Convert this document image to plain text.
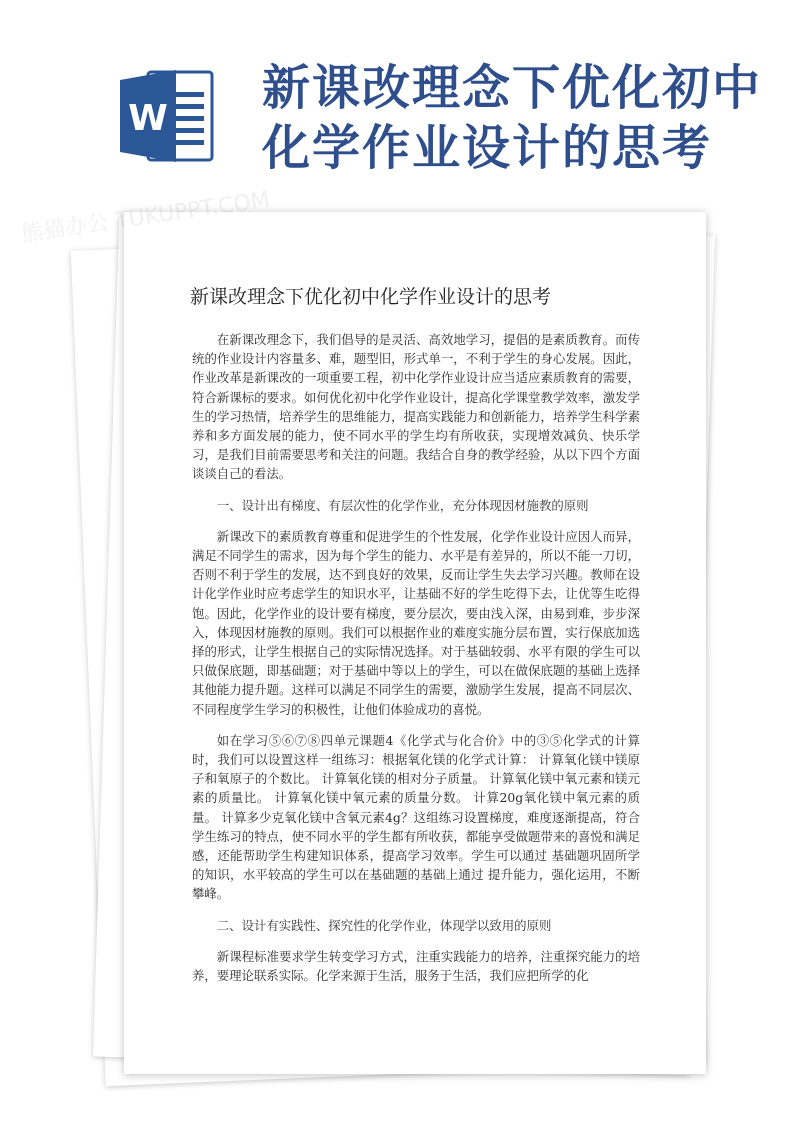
W
新课改理念下优化初中
化学作业设计的思考
新课改理念下优化初中化学作业设计的思考

在新课改理念下，我们倡导的是灵活、高效地学习，提倡的是素质教育。而传统的作业设计内容量多、难，题型旧，形式单一，不利于学生的身心发展。因此，作业改革是新课改的一项重要工程，初中化学作业设计应当适应素质教育的需要，符合新课标的要求。如何优化初中化学作业设计，提高化学课堂教学效率，激发学生的学习热情，培养学生的思维能力，提高实践能力和创新能力，培养学生科学素养和多方面发展的能力，使不同水平的学生均有所收获，实现增效减负、快乐学习，是我们目前需要思考和关注的问题。我结合自身的教学经验，从以下四个方面谈谈自己的看法。

一、设计出有梯度、有层次性的化学作业，充分体现因材施教的原则

新课改下的素质教育尊重和促进学生的个性发展，化学作业设计应因人而异，满足不同学生的需求，因为每个学生的能力、水平是有差异的，所以不能一刀切，否则不利于学生的发展，达不到良好的效果，反而让学生失去学习兴趣。教师在设计化学作业时应考虑学生的知识水平，让基础不好的学生吃得下去，让优等生吃得饱。因此，化学作业的设计要有梯度，要分层次，要由浅入深，由易到难，步步深入，体现因材施教的原则。我们可以根据作业的难度实施分层布置，实行保底加选择的形式，让学生根据自己的实际情况选择。对于基础较弱、水平有限的学生可以只做保底题，即基础题；对于基础中等以上的学生，可以在做保底题的基础上选择其他能力提升题。这样可以满足不同学生的需要，激励学生发展，提高不同层次、不同程度学生学习的积极性，让他们体验成功的喜悦。

如在学习⑤⑥⑦⑧四单元课题4《化学式与化合价》中的③⑤化学式的计算时，我们可以设置这样一组练习：根据氧化镁的化学式计算： 计算氧化镁中镁原子和氧原子的个数比。 计算氧化镁的相对分子质量。 计算氧化镁中氧元素和镁元素的质量比。 计算氧化镁中氧元素的质量分数。 计算20g氧化镁中氧元素的质量。 计算多少克氧化镁中含氧元素4g？这组练习设置梯度，难度逐渐提高，符合学生练习的特点，使不同水平的学生都有所收获，都能享受做题带来的喜悦和满足感，还能帮助学生构建知识体系，提高学习效率。学生可以通过 基础题巩固所学的知识，水平较高的学生可以在基础题的基础上通过 提升能力，强化运用，不断攀峰。

二、设计有实践性、探究性的化学作业，体现学以致用的原则

新课程标准要求学生转变学习方式，注重实践能力的培养，注重探究能力的培养，要理论联系实际。化学来源于生活，服务于生活，我们应把所学的化

熊猫办公 TUKUPPT.COM
